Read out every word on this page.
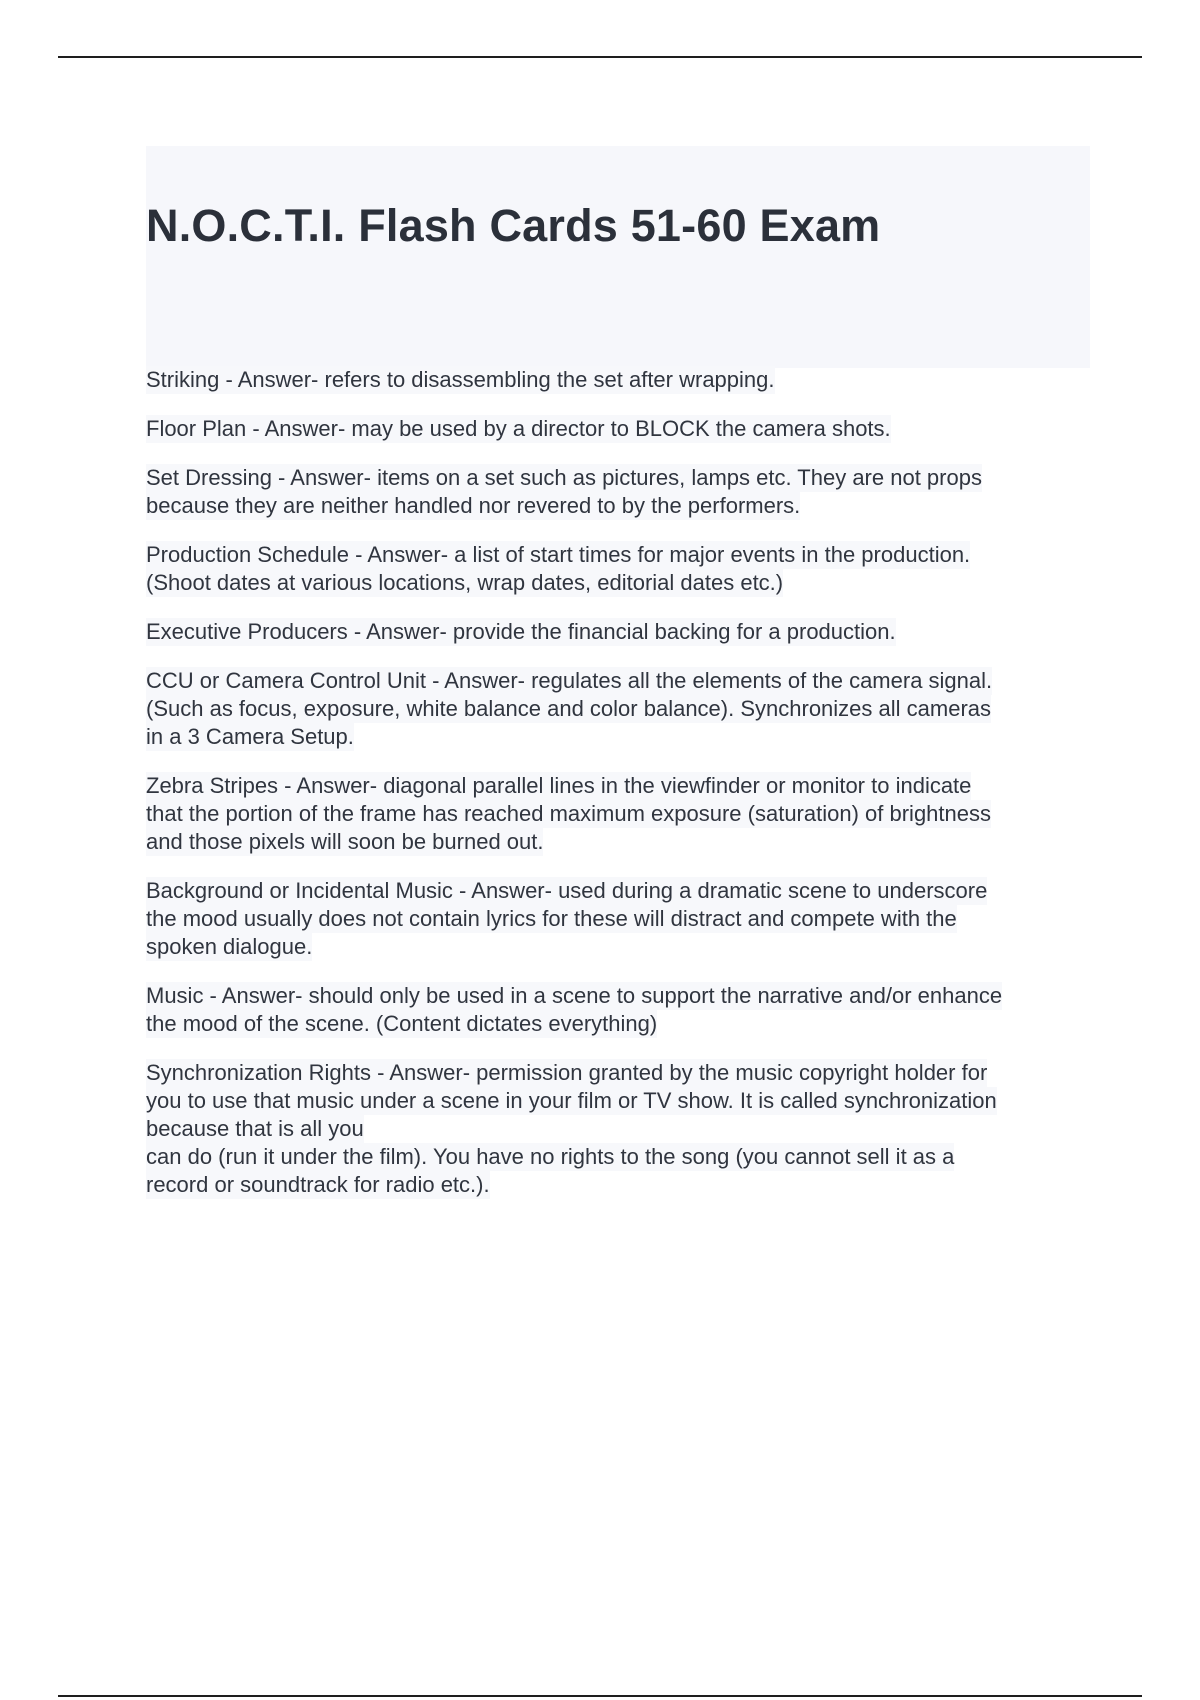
N.O.C.T.I. Flash Cards 51-60 Exam

Striking - Answer- refers to disassembling the set after wrapping.

Floor Plan - Answer- may be used by a director to BLOCK the camera shots.

Set Dressing - Answer- items on a set such as pictures, lamps etc. They are not props
because they are neither handled nor revered to by the performers.

Production Schedule - Answer- a list of start times for major events in the production.
(Shoot dates at various locations, wrap dates, editorial dates etc.)

Executive Producers - Answer- provide the financial backing for a production.

CCU or Camera Control Unit - Answer- regulates all the elements of the camera signal.
(Such as focus, exposure, white balance and color balance). Synchronizes all cameras
in a 3 Camera Setup.

Zebra Stripes - Answer- diagonal parallel lines in the viewfinder or monitor to indicate
that the portion of the frame has reached maximum exposure (saturation) of brightness
and those pixels will soon be burned out.

Background or Incidental Music - Answer- used during a dramatic scene to underscore
the mood usually does not contain lyrics for these will distract and compete with the
spoken dialogue.

Music - Answer- should only be used in a scene to support the narrative and/or enhance
the mood of the scene. (Content dictates everything)

Synchronization Rights - Answer- permission granted by the music copyright holder for
you to use that music under a scene in your film or TV show. It is called synchronization
because that is all you
can do (run it under the film). You have no rights to the song (you cannot sell it as a
record or soundtrack for radio etc.).
